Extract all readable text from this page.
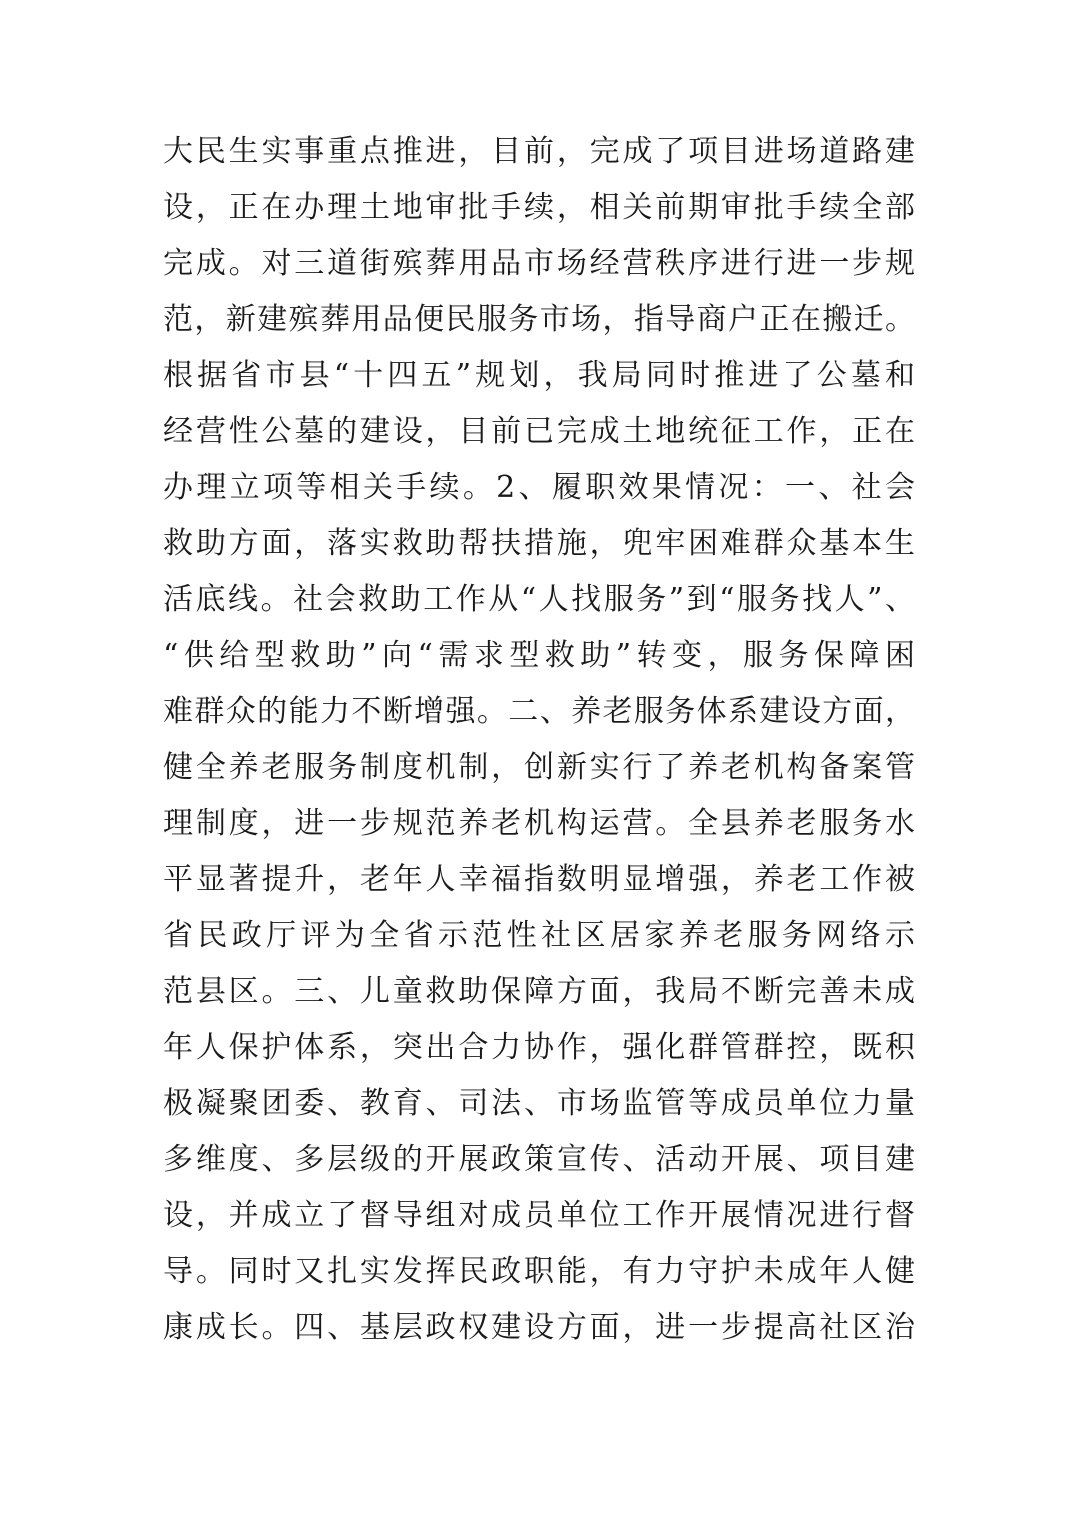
大民生实事重点推进，目前，完成了项目进场道路建
设，正在办理土地审批手续，相关前期审批手续全部
完成。对三道街殡葬用品市场经营秩序进行进一步规
范，新建殡葬用品便民服务市场，指导商户正在搬迁。
根据省市县“十四五”规划，我局同时推进了公墓和
经营性公墓的建设，目前已完成土地统征工作，正在
办理立项等相关手续。2、履职效果情况：一、社会
救助方面，落实救助帮扶措施，兜牢困难群众基本生
活底线。社会救助工作从“人找服务”到“服务找人”、
“供给型救助”向“需求型救助”转变，服务保障困
难群众的能力不断增强。二、养老服务体系建设方面，
健全养老服务制度机制，创新实行了养老机构备案管
理制度，进一步规范养老机构运营。全县养老服务水
平显著提升，老年人幸福指数明显增强，养老工作被
省民政厅评为全省示范性社区居家养老服务网络示
范县区。三、儿童救助保障方面，我局不断完善未成
年人保护体系，突出合力协作，强化群管群控，既积
极凝聚团委、教育、司法、市场监管等成员单位力量
多维度、多层级的开展政策宣传、活动开展、项目建
设，并成立了督导组对成员单位工作开展情况进行督
导。同时又扎实发挥民政职能，有力守护未成年人健
康成长。四、基层政权建设方面，进一步提高社区治
